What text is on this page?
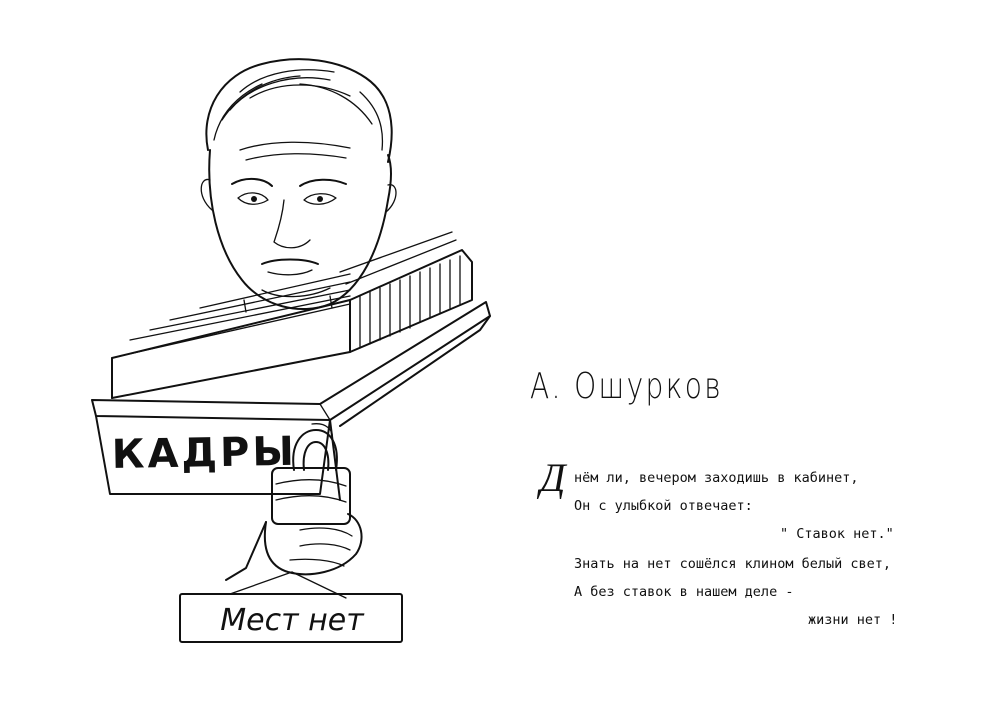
КАДРЫ
Мест нет
А. Ошурков
Д нём ли, вечером заходишь в кабинет,
Он с улыбкой отвечает:
" Ставок нет."
Знать на нет сошёлся клином белый свет,
А без ставок в нашем деле -
жизни нет !
